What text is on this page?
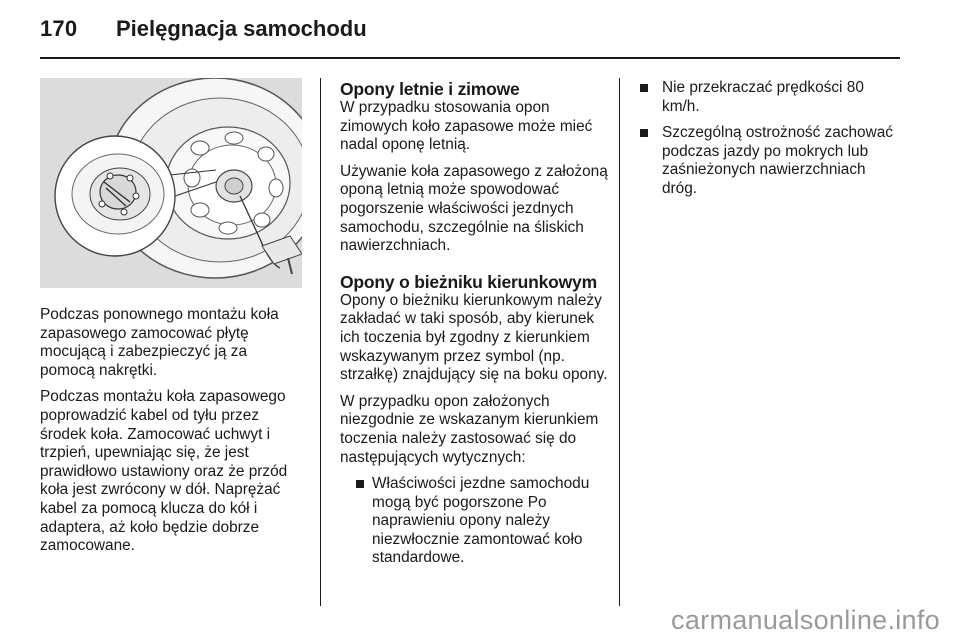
170 Pielęgnacja samochodu

Podczas ponownego montażu koła zapasowego zamocować płytę mocującą i zabezpieczyć ją za pomocą nakrętki.

Podczas montażu koła zapasowego poprowadzić kabel od tyłu przez środek koła. Zamocować uchwyt i trzpień, upewniając się, że jest prawidłowo ustawiony oraz że przód koła jest zwrócony w dół. Naprężać kabel za pomocą klucza do kół i adaptera, aż koło będzie dobrze zamocowane.

Opony letnie i zimowe

W przypadku stosowania opon zimowych koło zapasowe może mieć nadal oponę letnią.

Używanie koła zapasowego z założoną oponą letnią może spowodować pogorszenie właściwości jezdnych samochodu, szczególnie na śliskich nawierzchniach.

Opony o bieżniku kierunkowym

Opony o bieżniku kierunkowym należy zakładać w taki sposób, aby kierunek ich toczenia był zgodny z kierunkiem wskazywanym przez symbol (np. strzałkę) znajdujący się na boku opony.

W przypadku opon założonych niezgodnie ze wskazanym kierunkiem toczenia należy zastosować się do następujących wytycznych:

Właściwości jezdne samochodu mogą być pogorszone Po naprawieniu opony należy niezwłocznie zamontować koło standardowe.
Nie przekraczać prędkości 80 km/h.
Szczególną ostrożność zachować podczas jazdy po mokrych lub zaśnieżonych nawierzchniach dróg.
carmanualsonline.info
